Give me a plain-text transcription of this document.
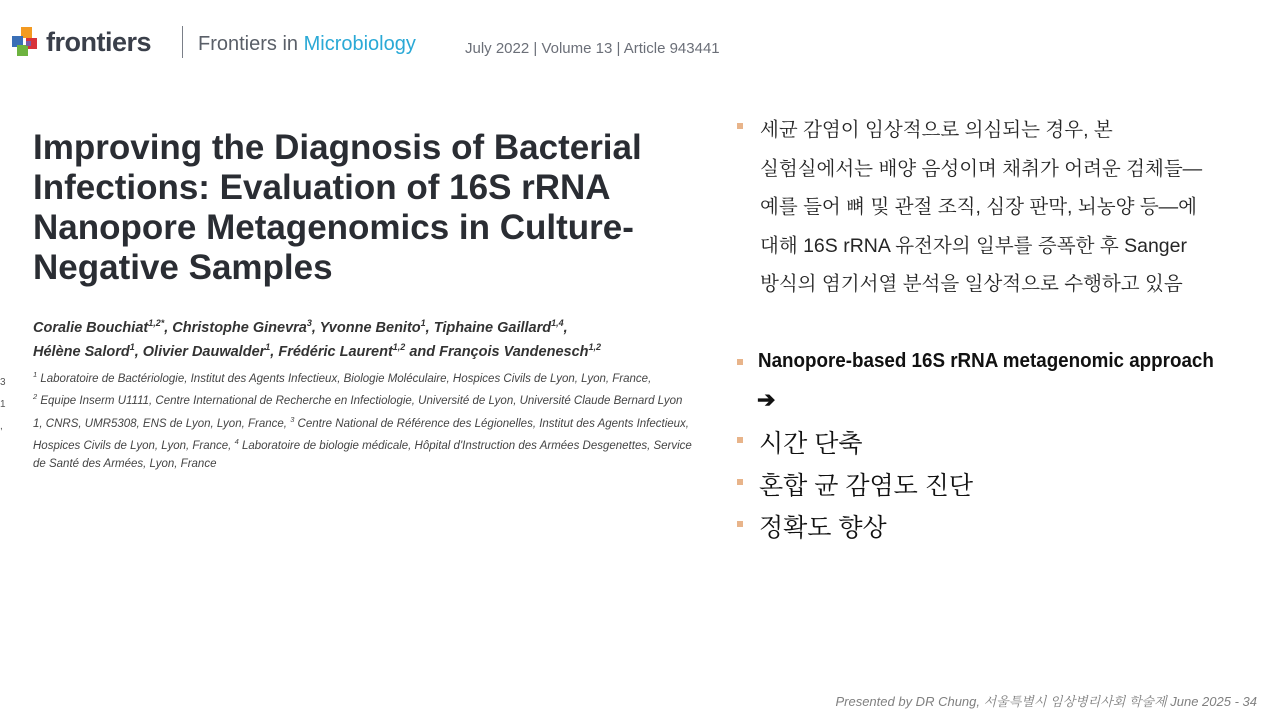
frontiers Frontiers in Microbiology	July 2022 | Volume 13 | Article 943441
Improving the Diagnosis of Bacterial Infections: Evaluation of 16S rRNA Nanopore Metagenomics in Culture-Negative Samples
Coralie Bouchiat$^{1,2*}$, Christophe Ginevra$^3$, Yvonne Benito$^1$, Tiphaine Gaillard$^{1,4}$,
Hélène Salord$^1$, Olivier Dauwalder$^1$, Frédéric Laurent$^{1,2}$ and François Vandenesch$^{1,2}$
$^1$ Laboratoire de Bactériologie, Institut des Agents Infectieux, Biologie Moléculaire, Hospices Civils de Lyon, Lyon, France,
$^2$ Equipe Inserm U1111, Centre International de Recherche en Infectiologie, Université de Lyon, Université Claude Bernard Lyon 1, CNRS, UMR5308, ENS de Lyon, Lyon, France, $^3$ Centre National de Référence des Légionelles, Institut des Agents Infectieux, Hospices Civils de Lyon, Lyon, France, $^4$ Laboratoire de biologie médicale, Hôpital d'Instruction des Armées Desgenettes, Service de Santé des Armées, Lyon, France
3
1
,
세균 감염이 임상적으로 의심되는 경우, 본
실험실에서는 배양 음성이며 채취가 어려운 검체들—
예를 들어 뼈 및 관절 조직, 심장 판막, 뇌농양 등—에
대해 16S rRNA 유전자의 일부를 증폭한 후 Sanger
방식의 염기서열 분석을 일상적으로 수행하고 있음
Nanopore-based 16S rRNA metagenomic approach
➔
시간 단축
혼합 균 감염도 진단
정확도 향상
Presented by DR Chung, 서울특별시 임상병리사회 학술제 June 2025 - 34
